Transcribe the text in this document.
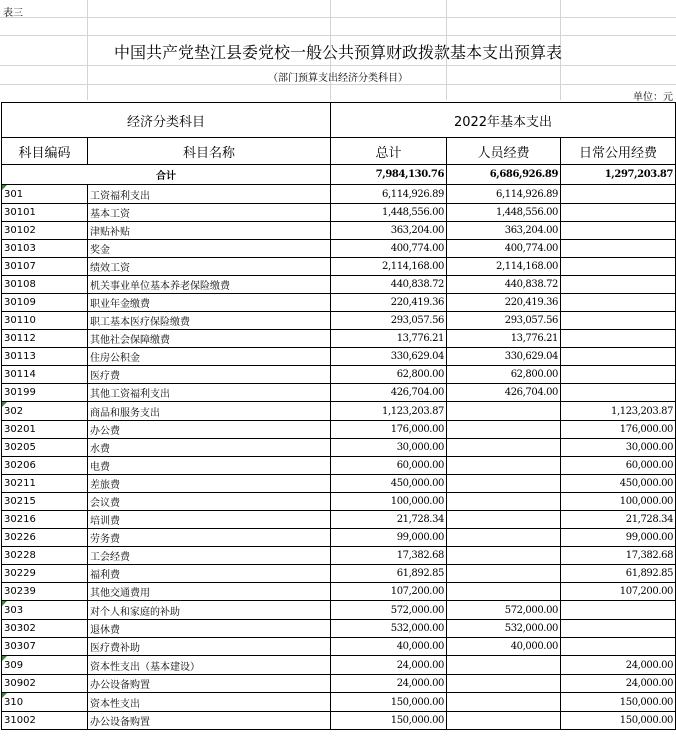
表三
中国共产党垫江县委党校一般公共预算财政拨款基本支出预算表
（部门预算支出经济分类科目）
单位：元
经济分类科目		2022年基本支出		
科目编码	科目名称	总计	人员经费	日常公用经费
合计		7,984,130.76	6,686,926.89	1,297,203.87
301	工资福利支出	6,114,926.89	6,114,926.89	
30101	基本工资	1,448,556.00	1,448,556.00	
30102	津贴补贴	363,204.00	363,204.00	
30103	奖金	400,774.00	400,774.00	
30107	绩效工资	2,114,168.00	2,114,168.00	
30108	机关事业单位基本养老保险缴费	440,838.72	440,838.72	
30109	职业年金缴费	220,419.36	220,419.36	
30110	职工基本医疗保险缴费	293,057.56	293,057.56	
30112	其他社会保障缴费	13,776.21	13,776.21	
30113	住房公积金	330,629.04	330,629.04	
30114	医疗费	62,800.00	62,800.00	
30199	其他工资福利支出	426,704.00	426,704.00	
302	商品和服务支出	1,123,203.87		1,123,203.87
30201	办公费	176,000.00		176,000.00
30205	水费	30,000.00		30,000.00
30206	电费	60,000.00		60,000.00
30211	差旅费	450,000.00		450,000.00
30215	会议费	100,000.00		100,000.00
30216	培训费	21,728.34		21,728.34
30226	劳务费	99,000.00		99,000.00
30228	工会经费	17,382.68		17,382.68
30229	福利费	61,892.85		61,892.85
30239	其他交通费用	107,200.00		107,200.00
303	对个人和家庭的补助	572,000.00	572,000.00	
30302	退休费	532,000.00	532,000.00	
30307	医疗费补助	40,000.00	40,000.00	
309	资本性支出（基本建设）	24,000.00		24,000.00
30902	办公设备购置	24,000.00		24,000.00
310	资本性支出	150,000.00		150,000.00
31002	办公设备购置	150,000.00		150,000.00
